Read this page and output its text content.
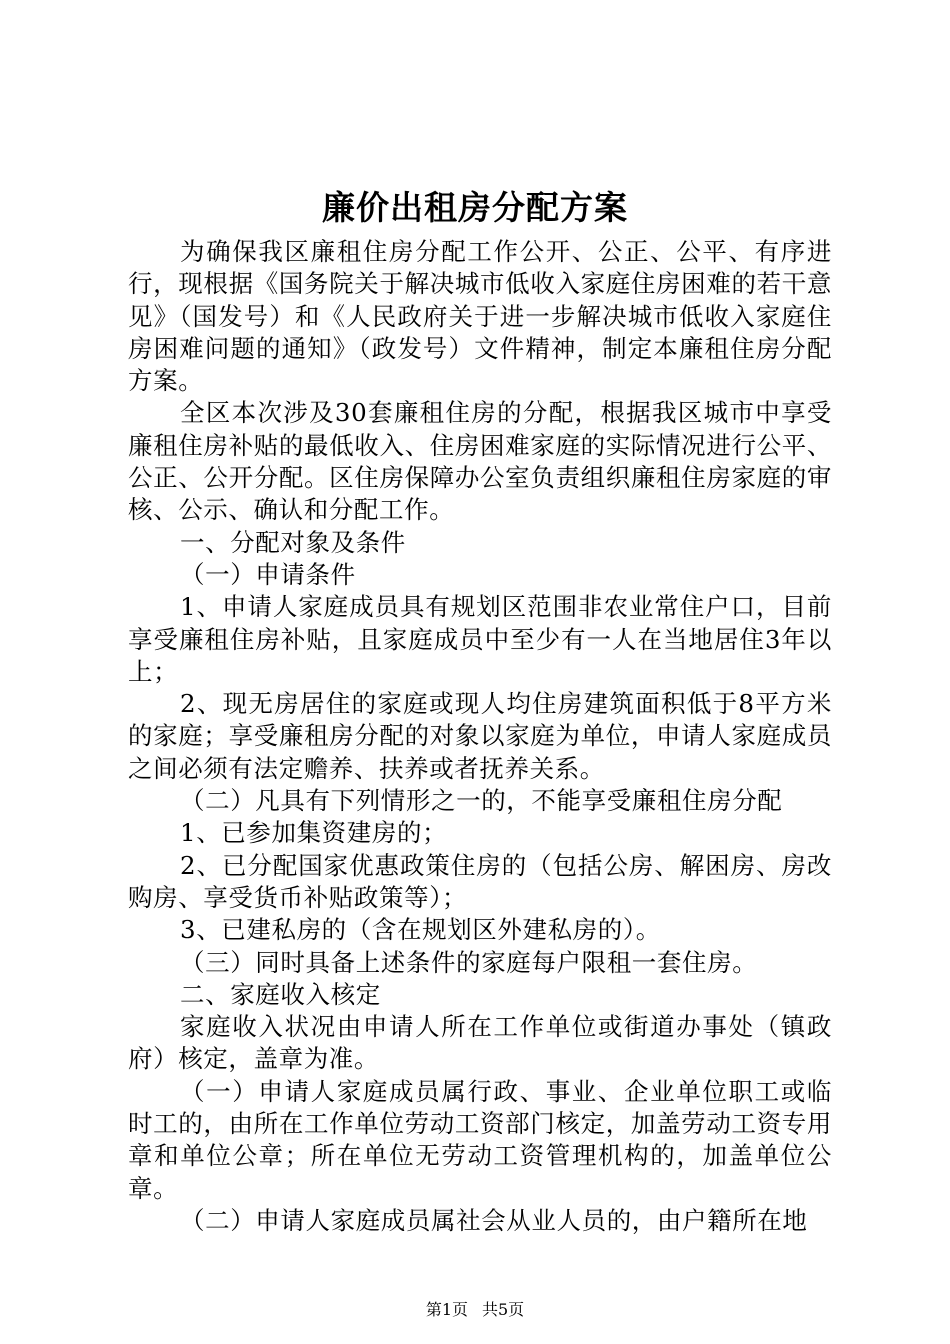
廉价出租房分配方案

为确保我区廉租住房分配工作公开、公正、公平、有序进行，现根据《国务院关于解决城市低收入家庭住房困难的若干意见》（国发号）和《人民政府关于进一步解决城市低收入家庭住房困难问题的通知》（政发号）文件精神，制定本廉租住房分配方案。

全区本次涉及30套廉租住房的分配，根据我区城市中享受廉租住房补贴的最低收入、住房困难家庭的实际情况进行公平、公正、公开分配。区住房保障办公室负责组织廉租住房家庭的审核、公示、确认和分配工作。

一、分配对象及条件

（一）申请条件

1、申请人家庭成员具有规划区范围非农业常住户口，目前享受廉租住房补贴，且家庭成员中至少有一人在当地居住3年以上；

2、现无房居住的家庭或现人均住房建筑面积低于8平方米的家庭；享受廉租房分配的对象以家庭为单位，申请人家庭成员之间必须有法定赡养、扶养或者抚养关系。

（二）凡具有下列情形之一的，不能享受廉租住房分配

1、已参加集资建房的；

2、已分配国家优惠政策住房的（包括公房、解困房、房改购房、享受货币补贴政策等）；

3、已建私房的（含在规划区外建私房的）。

（三）同时具备上述条件的家庭每户限租一套住房。

二、家庭收入核定

家庭收入状况由申请人所在工作单位或街道办事处（镇政府）核定，盖章为准。

（一）申请人家庭成员属行政、事业、企业单位职工或临时工的，由所在工作单位劳动工资部门核定，加盖劳动工资专用章和单位公章；所在单位无劳动工资管理机构的，加盖单位公章。

（二）申请人家庭成员属社会从业人员的，由户籍所在地

第1页 共5页
